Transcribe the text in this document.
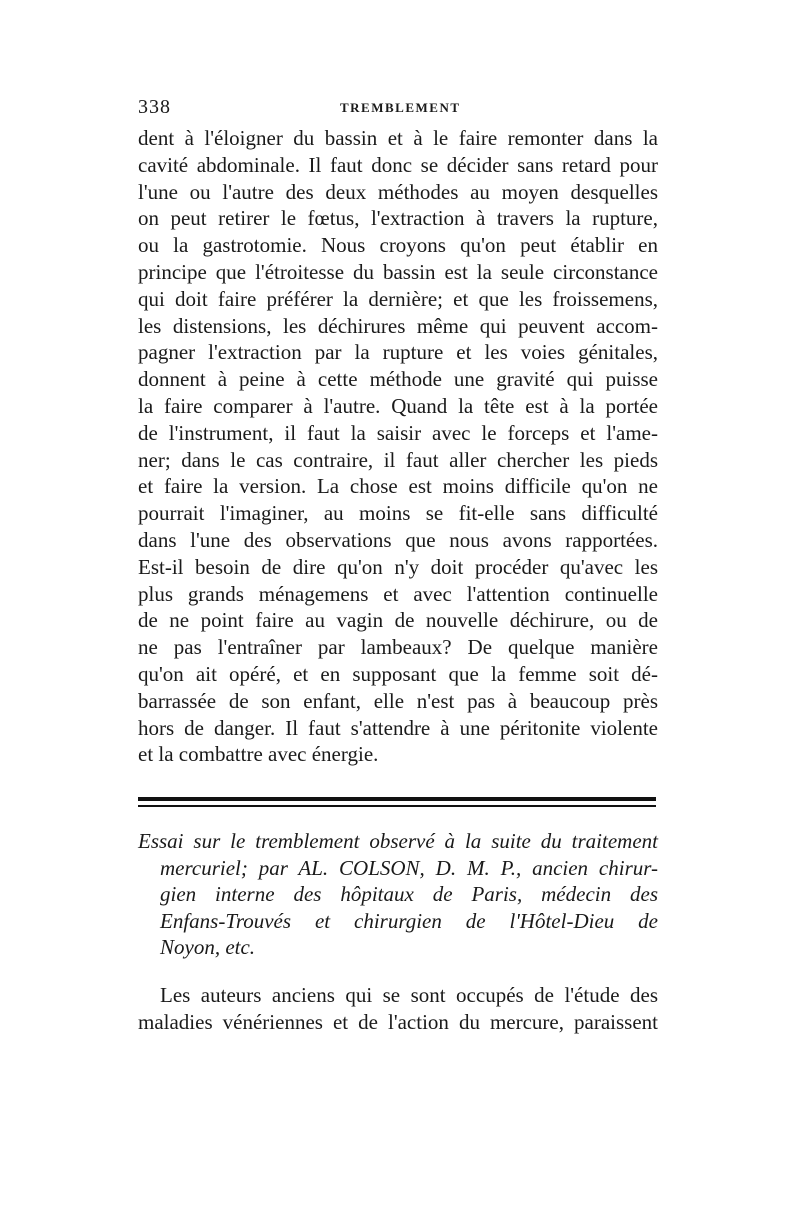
338	TREMBLEMENT
dent à l'éloigner du bassin et à le faire remonter dans la
cavité abdominale. Il faut donc se décider sans retard pour
l'une ou l'autre des deux méthodes au moyen desquelles
on peut retirer le fœtus, l'extraction à travers la rupture,
ou la gastrotomie. Nous croyons qu'on peut établir en
principe que l'étroitesse du bassin est la seule circonstance
qui doit faire préférer la dernière; et que les froissemens,
les distensions, les déchirures même qui peuvent accom-
pagner l'extraction par la rupture et les voies génitales,
donnent à peine à cette méthode une gravité qui puisse
la faire comparer à l'autre. Quand la tête est à la portée
de l'instrument, il faut la saisir avec le forceps et l'ame-
ner; dans le cas contraire, il faut aller chercher les pieds
et faire la version. La chose est moins difficile qu'on ne
pourrait l'imaginer, au moins se fit-elle sans difficulté
dans l'une des observations que nous avons rapportées.
Est-il besoin de dire qu'on n'y doit procéder qu'avec les
plus grands ménagemens et avec l'attention continuelle
de ne point faire au vagin de nouvelle déchirure, ou de
ne pas l'entraîner par lambeaux? De quelque manière
qu'on ait opéré, et en supposant que la femme soit dé-
barrassée de son enfant, elle n'est pas à beaucoup près
hors de danger. Il faut s'attendre à une péritonite violente
et la combattre avec énergie.
Essai sur le tremblement observé à la suite du traitement
mercuriel; par AL. COLSON, D. M. P., ancien chirur-
gien interne des hôpitaux de Paris, médecin des
Enfans-Trouvés et chirurgien de l'Hôtel-Dieu de
Noyon, etc.
Les auteurs anciens qui se sont occupés de l'étude des
maladies vénériennes et de l'action du mercure, paraissent
